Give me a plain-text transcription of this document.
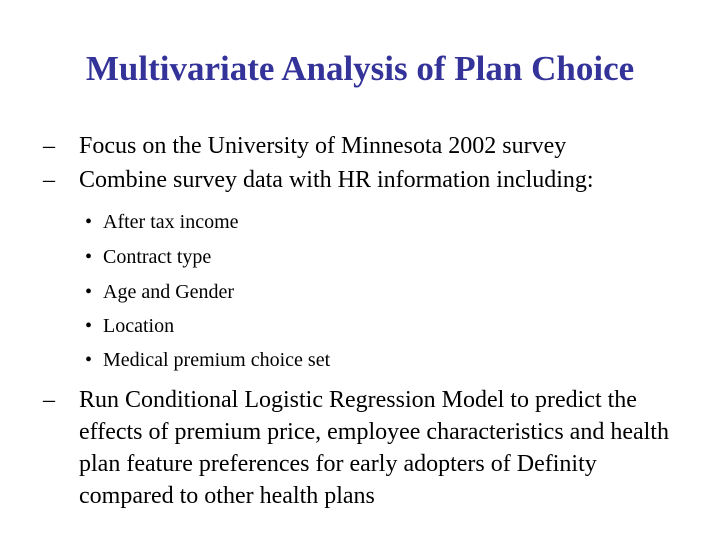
Multivariate Analysis of Plan Choice
– Focus on the University of Minnesota 2002 survey
– Combine survey data with HR information including:
• After tax income
• Contract type
• Age and Gender
• Location
• Medical premium choice set
– Run Conditional Logistic Regression Model to predict the effects of premium price, employee characteristics and health plan feature preferences for early adopters of Definity compared to other health plans
